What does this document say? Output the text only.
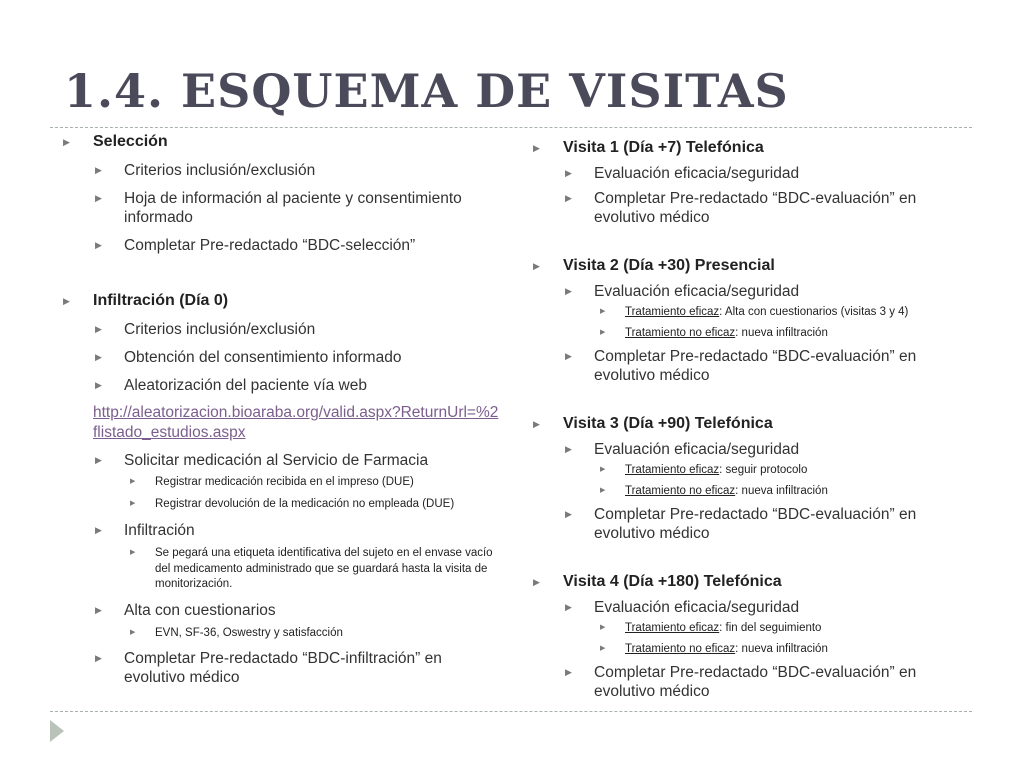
1.4. ESQUEMA DE VISITAS
▶ Selección
▶ Criterios inclusión/exclusión
▶ Hoja de información al paciente y consentimiento informado
▶ Completar Pre-redactado “BDC-selección”
▶ Infiltración (Día 0)
▶ Criterios inclusión/exclusión
▶ Obtención del consentimiento informado
▶ Aleatorización del paciente vía web
http://aleatorizacion.bioaraba.org/valid.aspx?ReturnUrl=%2flistado_estudios.aspx
▶ Solicitar medicación al Servicio de Farmacia
▶ Registrar medicación recibida en el impreso (DUE)
▶ Registrar devolución de la medicación no empleada (DUE)
▶ Infiltración
▶ Se pegará una etiqueta identificativa del sujeto en el envase vacío del medicamento administrado que se guardará hasta la visita de monitorización.
▶ Alta con cuestionarios
▶ EVN, SF-36, Oswestry y satisfacción
▶ Completar Pre-redactado “BDC-infiltración” en evolutivo médico
▶ Visita 1 (Día +7) Telefónica
▶ Evaluación eficacia/seguridad
▶ Completar Pre-redactado “BDC-evaluación” en evolutivo médico
▶ Visita 2 (Día +30) Presencial
▶ Evaluación eficacia/seguridad
▶ Tratamiento eficaz: Alta con cuestionarios (visitas 3 y 4)
▶ Tratamiento no eficaz: nueva infiltración
▶ Completar Pre-redactado “BDC-evaluación” en evolutivo médico
▶ Visita 3 (Día +90) Telefónica
▶ Evaluación eficacia/seguridad
▶ Tratamiento eficaz: seguir protocolo
▶ Tratamiento no eficaz: nueva infiltración
▶ Completar Pre-redactado “BDC-evaluación” en evolutivo médico
▶ Visita 4 (Día +180) Telefónica
▶ Evaluación eficacia/seguridad
▶ Tratamiento eficaz: fin del seguimiento
▶ Tratamiento no eficaz: nueva infiltración
▶ Completar Pre-redactado “BDC-evaluación” en evolutivo médico
